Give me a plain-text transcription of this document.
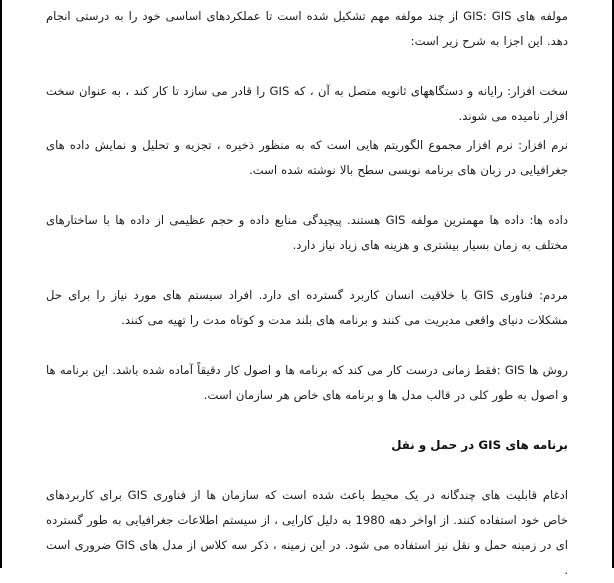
مولفه های GIS: GIS از چند مولفه مهم تشکیل شده است تا عملکردهای اساسی خود را به درستی انجام دهد. این اجزا به شرح زیر است:

سخت افزار: رایانه و دستگاههای ثانویه متصل به آن ، که GIS را قادر می سازد تا کار کند ، به عنوان سخت افزار نامیده می شوند.

نرم افزار: نرم افزار مجموع الگوریتم هایی است که به منظور ذخیره ، تجزیه و تحلیل و نمایش داده های جغرافیایی در زبان های برنامه نویسی سطح بالا نوشته شده است.

داده ها: داده ها مهمترین مولفه GIS هستند. پیچیدگی منابع داده و حجم عظیمی از داده ها با ساختارهای مختلف به زمان بسیار بیشتری و هزینه های زیاد نیاز دارد.

مردم: فناوری GIS با خلاقیت انسان کاربرد گسترده ای دارد. افراد سیستم های مورد نیاز را برای حل مشکلات دنیای واقعی مدیریت می کنند و برنامه های بلند مدت و کوتاه مدت را تهیه می کنند.

روش ها GIS :فقط زمانی درست کار می کند که برنامه ها و اصول کار دقیقاً آماده شده باشد. این برنامه ها و اصول به طور کلی در قالب مدل ها و برنامه های خاص هر سازمان است.

برنامه های GIS در حمل و نقل

ادغام قابلیت های چندگانه در یک محیط باعث شده است که سازمان ها از فناوری GIS برای کاربردهای خاص خود استفاده کنند. از اواخر دهه 1980 به دلیل کارایی ، از سیستم اطلاعات جغرافیایی به طور گسترده ای در زمینه حمل و نقل نیز استفاده می شود. در این زمینه ، ذکر سه کلاس از مدل های GIS ضروری است .
